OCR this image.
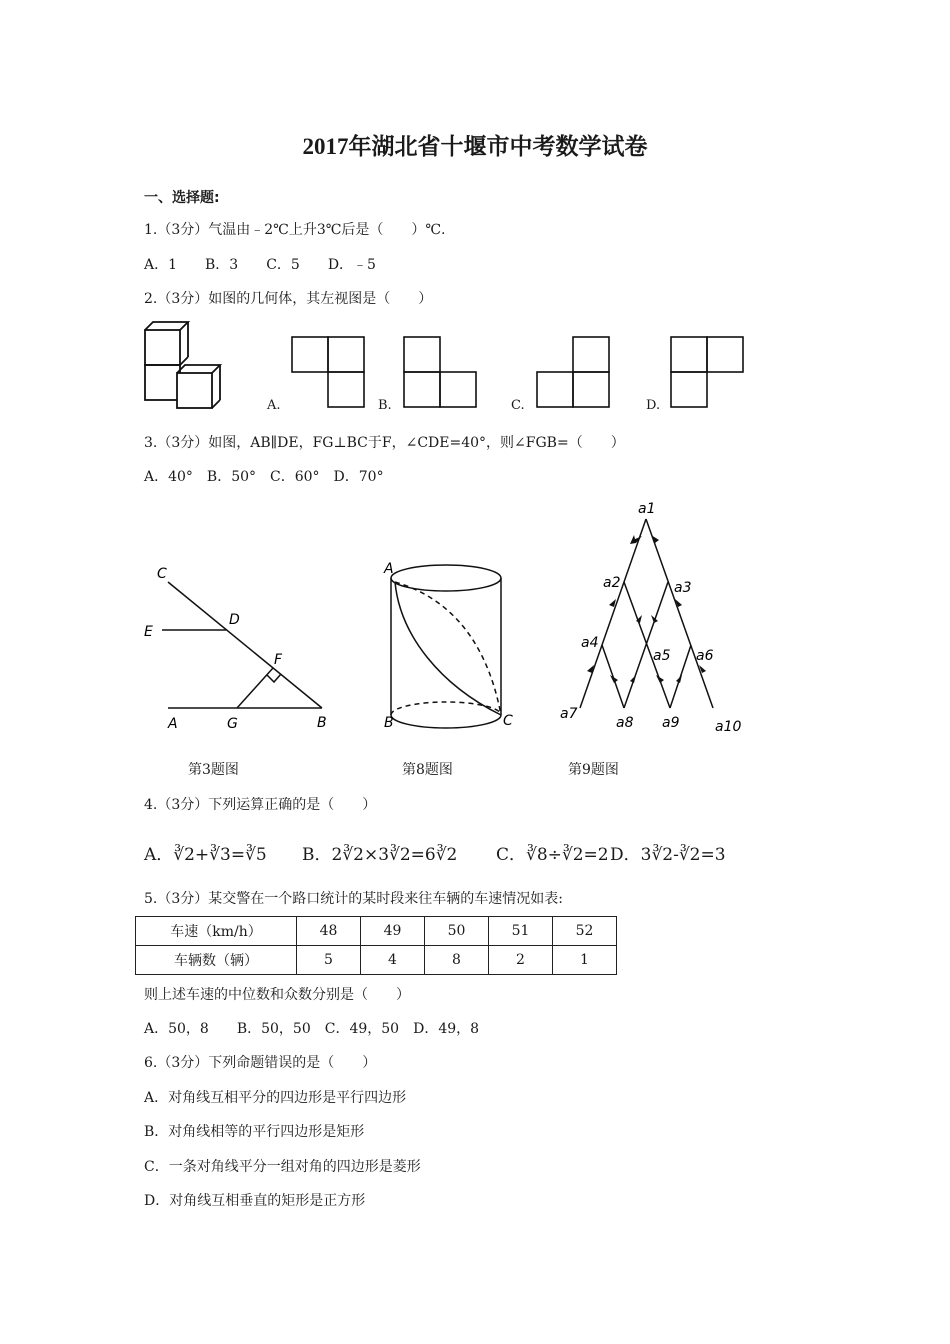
2017年湖北省十堰市中考数学试卷
一、选择题:
1.（3分）气温由﹣2℃上升3℃后是（　　）℃.
A．1　　B．3　　C．5　　D．﹣5
2.（3分）如图的几何体，其左视图是（　　）
A.	B.	C.	D.
3.（3分）如图，AB∥DE，FG⊥BC于F，∠CDE=40°，则∠FGB=（　　）
A．40°　B．50°　C．60°　D．70°
C
D
E
F
A	G	B
A
B	C
a1
a2	a3
a4
a5 a6
a7
a8 a9	a10
第3题图	第8题图	第9题图
4.（3分）下列运算正确的是（　　）
A．∛2+∛3=∛5 B．2∛2×3∛2=6∛2 C．∛8÷∛2=2 D．3∛2-∛2=3
5.（3分）某交警在一个路口统计的某时段来往车辆的车速情况如表:
车速（km/h）	48	49	50	51	52
车辆数（辆）	5	4	8	2	1
则上述车速的中位数和众数分别是（　　）
A．50，8　　B．50，50　C．49，50　D．49，8
6.（3分）下列命题错误的是（　　）
A．对角线互相平分的四边形是平行四边形
B．对角线相等的平行四边形是矩形
C．一条对角线平分一组对角的四边形是菱形
D．对角线互相垂直的矩形是正方形
